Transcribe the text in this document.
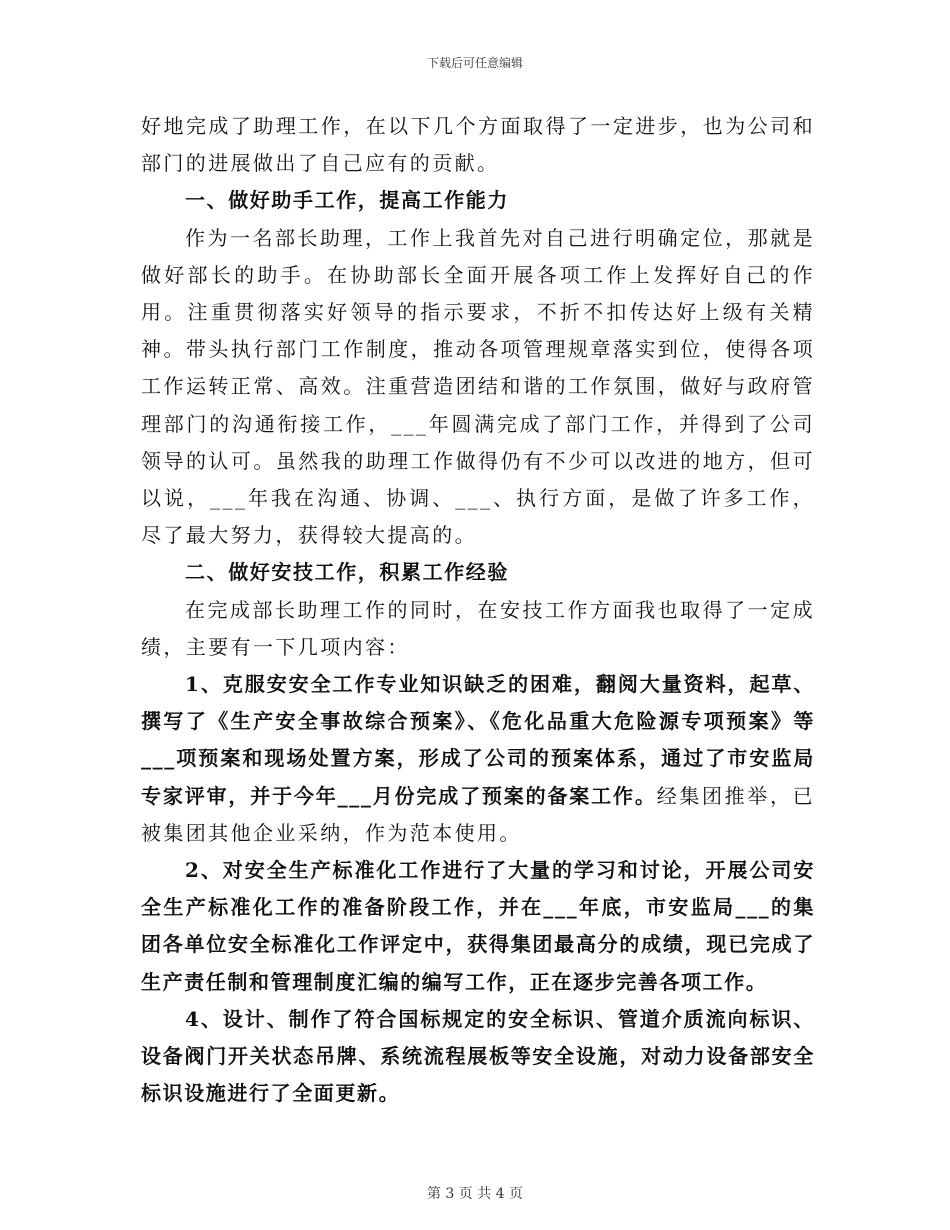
下载后可任意编辑

好地完成了助理工作，在以下几个方面取得了一定进步，也为公司和部门的进展做出了自己应有的贡献。

一、做好助手工作，提高工作能力

作为一名部长助理，工作上我首先对自己进行明确定位，那就是做好部长的助手。在协助部长全面开展各项工作上发挥好自己的作用。注重贯彻落实好领导的指示要求，不折不扣传达好上级有关精神。带头执行部门工作制度，推动各项管理规章落实到位，使得各项工作运转正常、高效。注重营造团结和谐的工作氛围，做好与政府管理部门的沟通衔接工作，___年圆满完成了部门工作，并得到了公司领导的认可。虽然我的助理工作做得仍有不少可以改进的地方，但可以说，___年我在沟通、协调、___、执行方面，是做了许多工作，尽了最大努力，获得较大提高的。

二、做好安技工作，积累工作经验

在完成部长助理工作的同时，在安技工作方面我也取得了一定成绩，主要有一下几项内容：

1、克服安安全工作专业知识缺乏的困难，翻阅大量资料，起草、撰写了《生产安全事故综合预案》、《危化品重大危险源专项预案》等___项预案和现场处置方案，形成了公司的预案体系，通过了市安监局专家评审，并于今年___月份完成了预案的备案工作。经集团推举，已被集团其他企业采纳，作为范本使用。

2、对安全生产标准化工作进行了大量的学习和讨论，开展公司安全生产标准化工作的准备阶段工作，并在___年底，市安监局___的集团各单位安全标准化工作评定中，获得集团最高分的成绩，现已完成了生产责任制和管理制度汇编的编写工作，正在逐步完善各项工作。

4、设计、制作了符合国标规定的安全标识、管道介质流向标识、设备阀门开关状态吊牌、系统流程展板等安全设施，对动力设备部安全标识设施进行了全面更新。

第 3 页 共 4 页
